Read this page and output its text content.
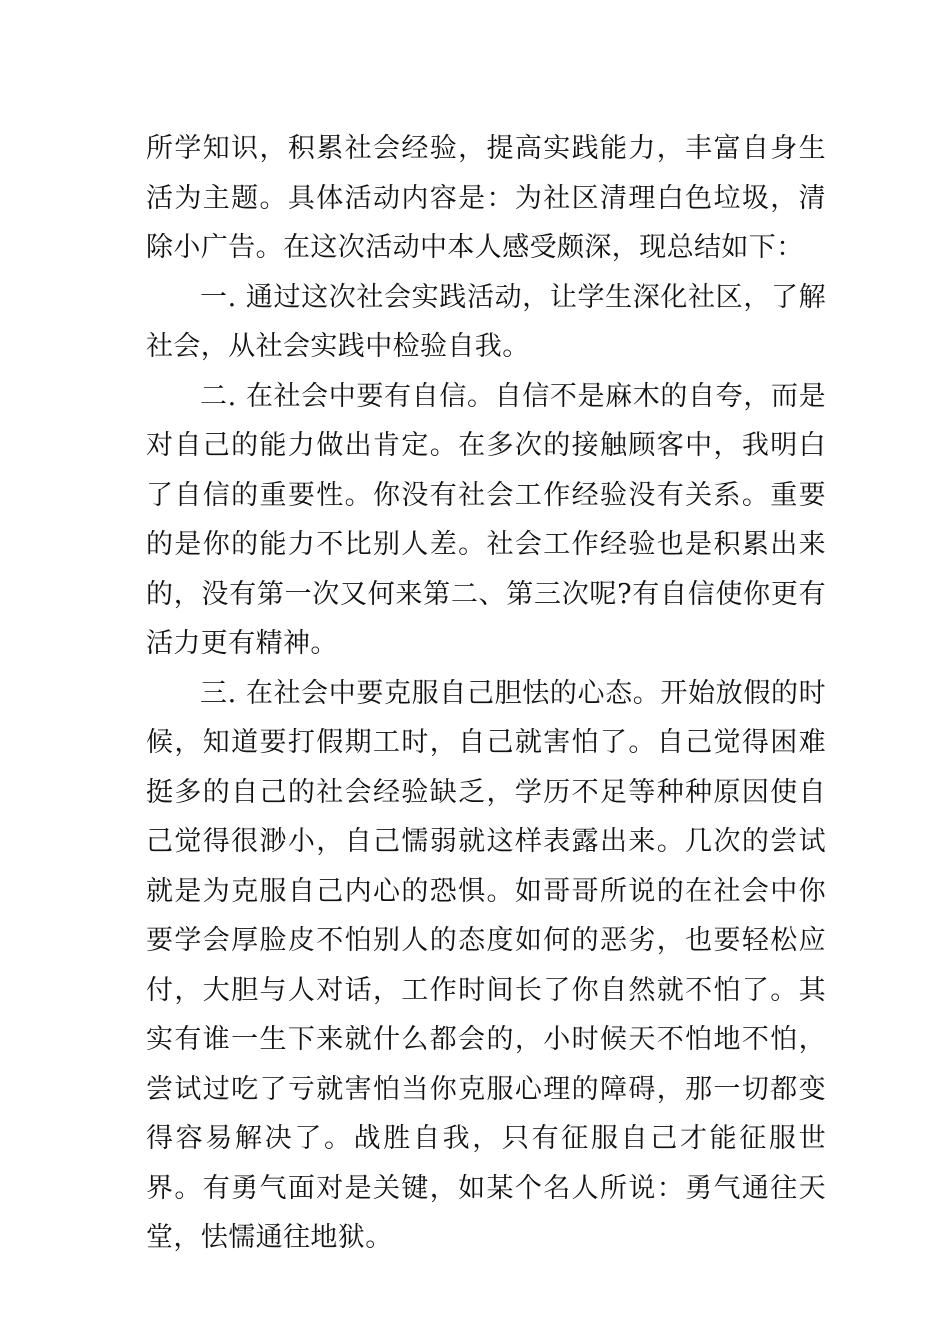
所学知识，积累社会经验，提高实践能力，丰富自身生活为主题。具体活动内容是：为社区清理白色垃圾，清除小广告。在这次活动中本人感受颇深，现总结如下：

一. 通过这次社会实践活动，让学生深化社区，了解社会，从社会实践中检验自我。

二. 在社会中要有自信。自信不是麻木的自夸，而是对自己的能力做出肯定。在多次的接触顾客中，我明白了自信的重要性。你没有社会工作经验没有关系。重要的是你的能力不比别人差。社会工作经验也是积累出来的，没有第一次又何来第二、第三次呢?有自信使你更有活力更有精神。

三. 在社会中要克服自己胆怯的心态。开始放假的时候，知道要打假期工时，自己就害怕了。自己觉得困难挺多的自己的社会经验缺乏，学历不足等种种原因使自己觉得很渺小，自己懦弱就这样表露出来。几次的尝试就是为克服自己内心的恐惧。如哥哥所说的在社会中你要学会厚脸皮不怕别人的态度如何的恶劣，也要轻松应付，大胆与人对话，工作时间长了你自然就不怕了。其实有谁一生下来就什么都会的，小时候天不怕地不怕，尝试过吃了亏就害怕当你克服心理的障碍，那一切都变得容易解决了。战胜自我，只有征服自己才能征服世界。有勇气面对是关键，如某个名人所说：勇气通往天堂，怯懦通往地狱。
